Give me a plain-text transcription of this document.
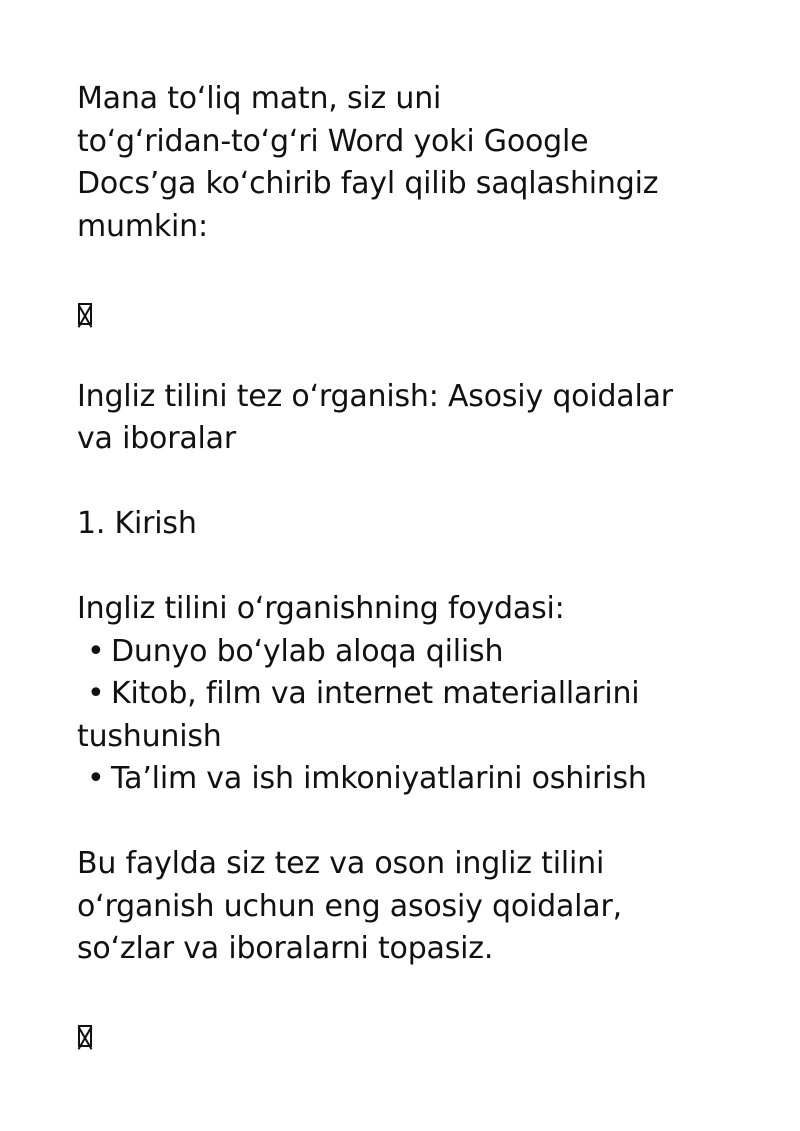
Mana to‘liq matn, siz uni
to‘g‘ridan-to‘g‘ri Word yoki Google
Docs’ga ko‘chirib fayl qilib saqlashingiz
mumkin:

Ingliz tilini tez o‘rganish: Asosiy qoidalar
va iboralar

1. Kirish

Ingliz tilini o‘rganishning foydasi:
• Dunyo bo‘ylab aloqa qilish
• Kitob, film va internet materiallarini
tushunish
• Ta’lim va ish imkoniyatlarini oshirish

Bu faylda siz tez va oson ingliz tilini
o‘rganish uchun eng asosiy qoidalar,
so‘zlar va iboralarni topasiz.
